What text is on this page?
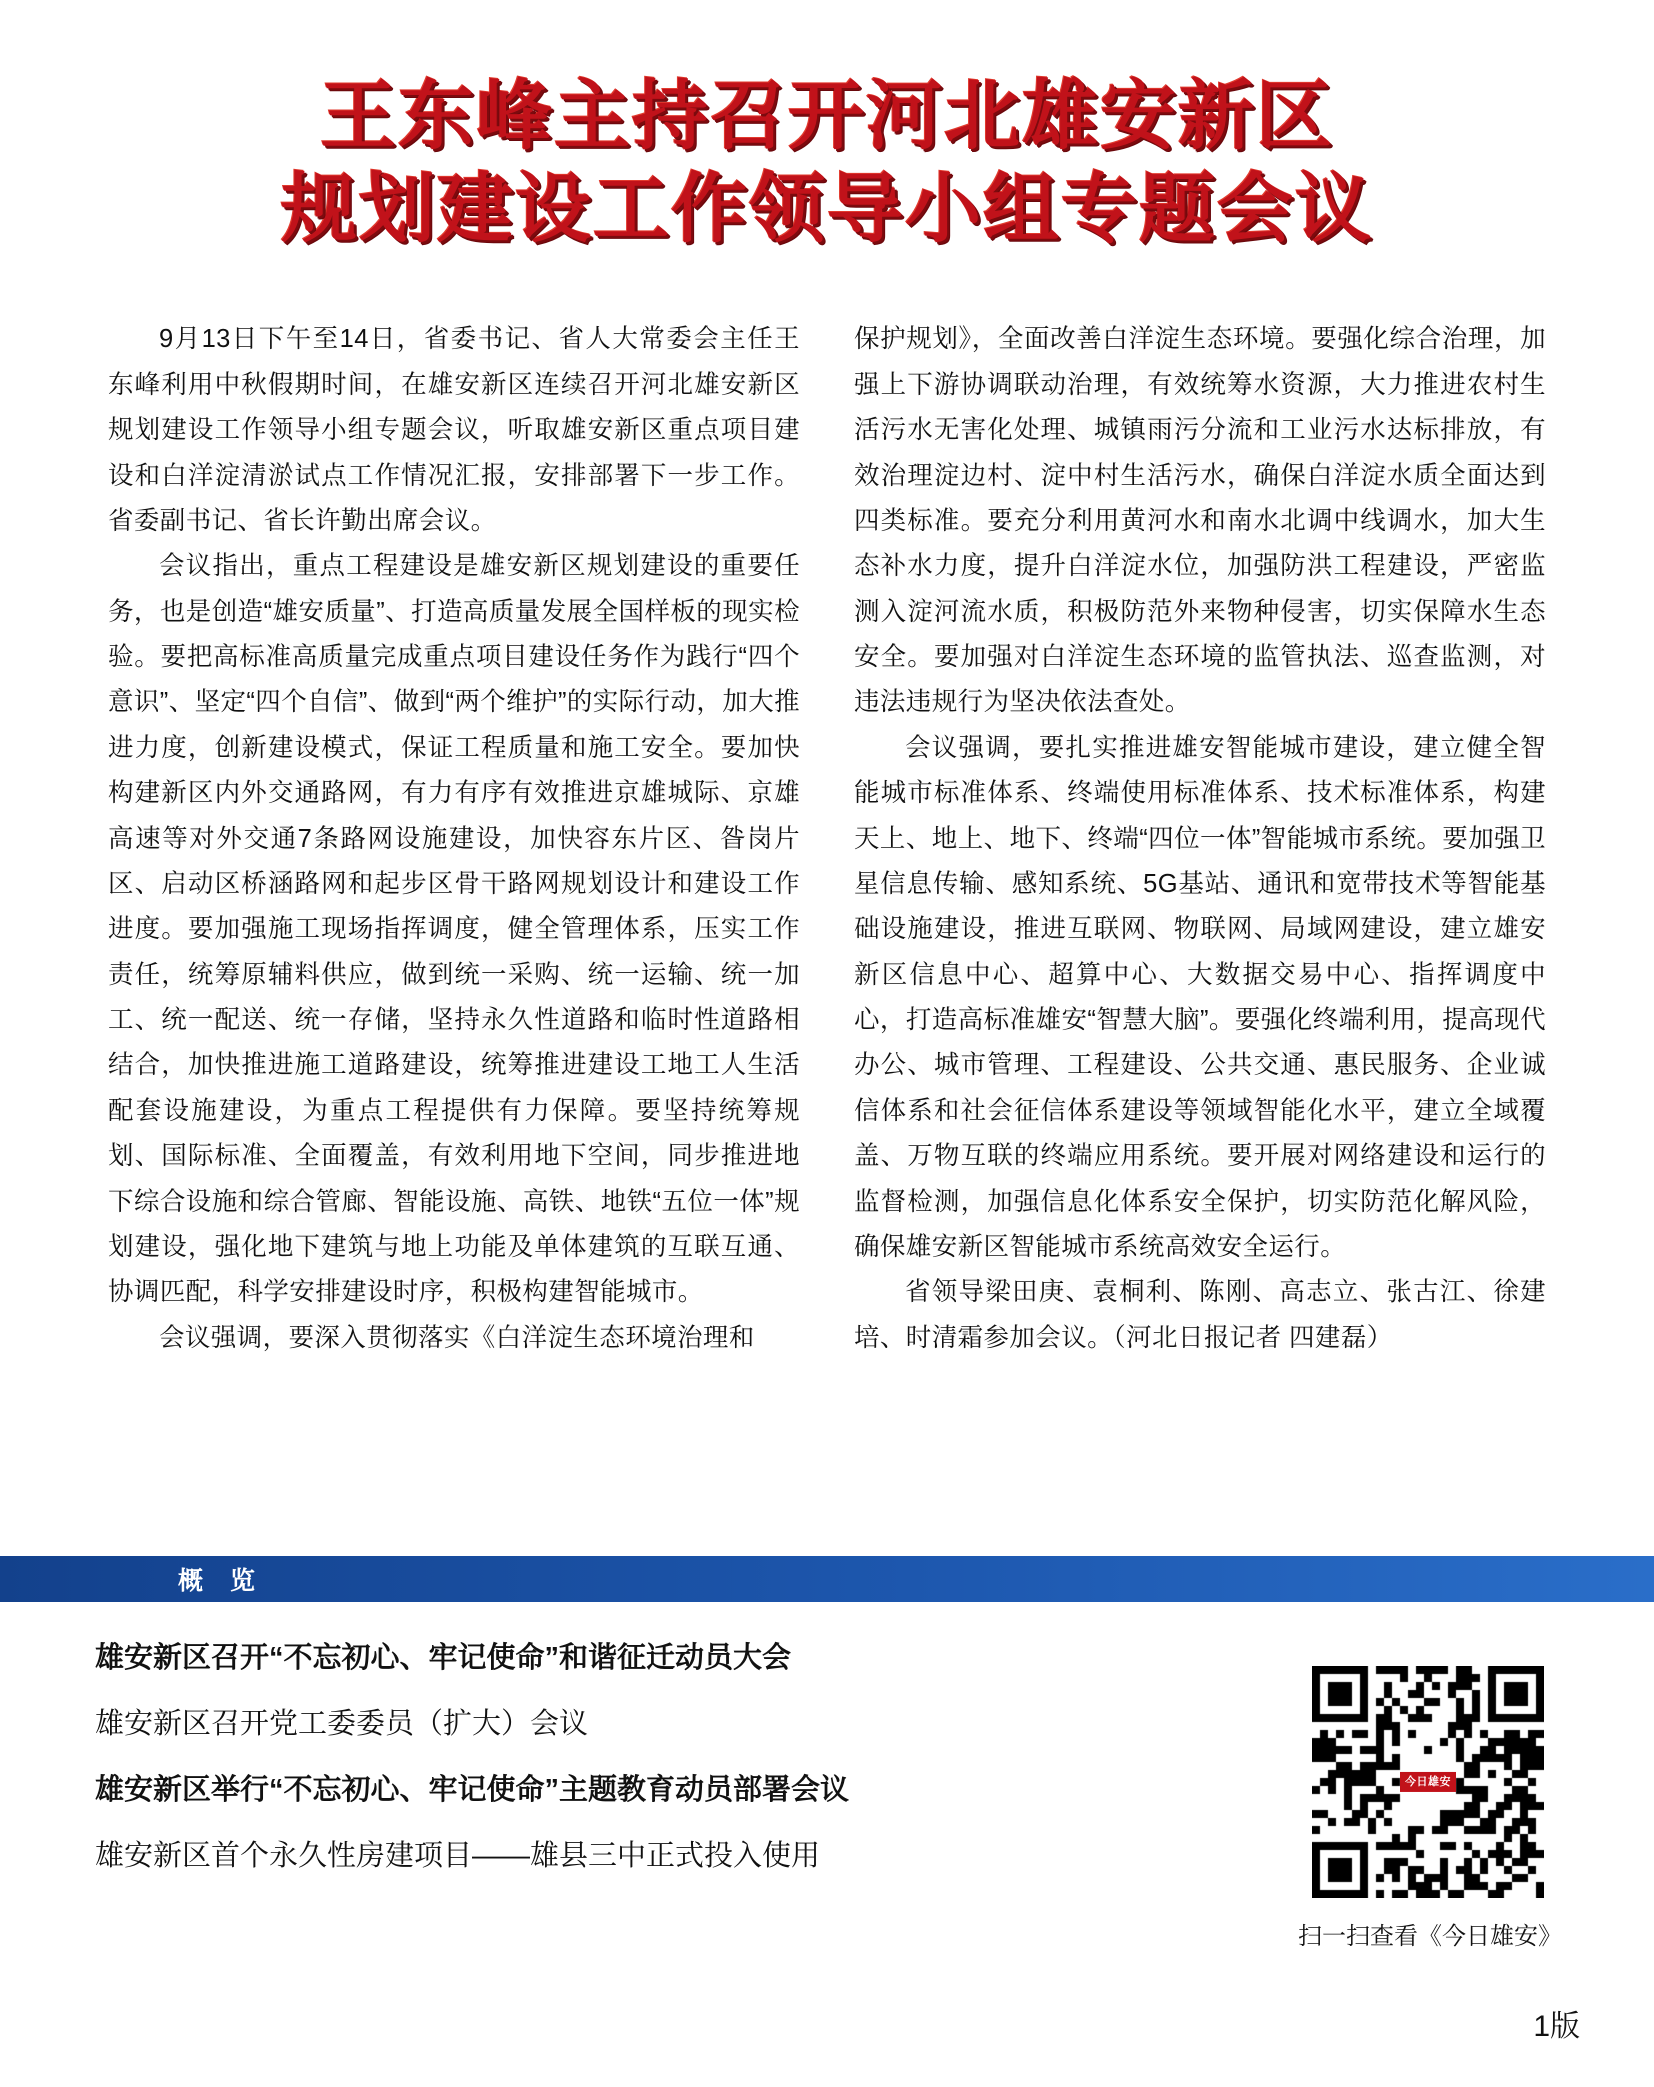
王东峰主持召开河北雄安新区
规划建设工作领导小组专题会议

9月13日下午至14日，省委书记、省人大常委会主任王东峰利用中秋假期时间，在雄安新区连续召开河北雄安新区规划建设工作领导小组专题会议，听取雄安新区重点项目建设和白洋淀清淤试点工作情况汇报，安排部署下一步工作。省委副书记、省长许勤出席会议。

会议指出，重点工程建设是雄安新区规划建设的重要任务，也是创造“雄安质量”、打造高质量发展全国样板的现实检验。要把高标准高质量完成重点项目建设任务作为践行“四个意识”、坚定“四个自信”、做到“两个维护”的实际行动，加大推进力度，创新建设模式，保证工程质量和施工安全。要加快构建新区内外交通路网，有力有序有效推进京雄城际、京雄高速等对外交通7条路网设施建设，加快容东片区、昝岗片区、启动区桥涵路网和起步区骨干路网规划设计和建设工作进度。要加强施工现场指挥调度，健全管理体系，压实工作责任，统筹原辅料供应，做到统一采购、统一运输、统一加工、统一配送、统一存储，坚持永久性道路和临时性道路相结合，加快推进施工道路建设，统筹推进建设工地工人生活配套设施建设，为重点工程提供有力保障。要坚持统筹规划、国际标准、全面覆盖，有效利用地下空间，同步推进地下综合设施和综合管廊、智能设施、高铁、地铁“五位一体”规划建设，强化地下建筑与地上功能及单体建筑的互联互通、协调匹配，科学安排建设时序，积极构建智能城市。

会议强调，要深入贯彻落实《白洋淀生态环境治理和

保护规划》，全面改善白洋淀生态环境。要强化综合治理，加强上下游协调联动治理，有效统筹水资源，大力推进农村生活污水无害化处理、城镇雨污分流和工业污水达标排放，有效治理淀边村、淀中村生活污水，确保白洋淀水质全面达到四类标准。要充分利用黄河水和南水北调中线调水，加大生态补水力度，提升白洋淀水位，加强防洪工程建设，严密监测入淀河流水质，积极防范外来物种侵害，切实保障水生态安全。要加强对白洋淀生态环境的监管执法、巡查监测，对违法违规行为坚决依法查处。

会议强调，要扎实推进雄安智能城市建设，建立健全智能城市标准体系、终端使用标准体系、技术标准体系，构建天上、地上、地下、终端“四位一体”智能城市系统。要加强卫星信息传输、感知系统、5G基站、通讯和宽带技术等智能基础设施建设，推进互联网、物联网、局域网建设，建立雄安新区信息中心、超算中心、大数据交易中心、指挥调度中心，打造高标准雄安“智慧大脑”。要强化终端利用，提高现代办公、城市管理、工程建设、公共交通、惠民服务、企业诚信体系和社会征信体系建设等领域智能化水平，建立全域覆盖、万物互联的终端应用系统。要开展对网络建设和运行的监督检测，加强信息化体系安全保护，切实防范化解风险，确保雄安新区智能城市系统高效安全运行。

省领导梁田庚、袁桐利、陈刚、高志立、张古江、徐建培、时清霜参加会议。（河北日报记者 四建磊）

概 览
雄安新区召开“不忘初心、牢记使命”和谐征迁动员大会
雄安新区召开党工委委员（扩大）会议
雄安新区举行“不忘初心、牢记使命”主题教育动员部署会议
雄安新区首个永久性房建项目——雄县三中正式投入使用
今日雄安
扫一扫查看《今日雄安》
1版
